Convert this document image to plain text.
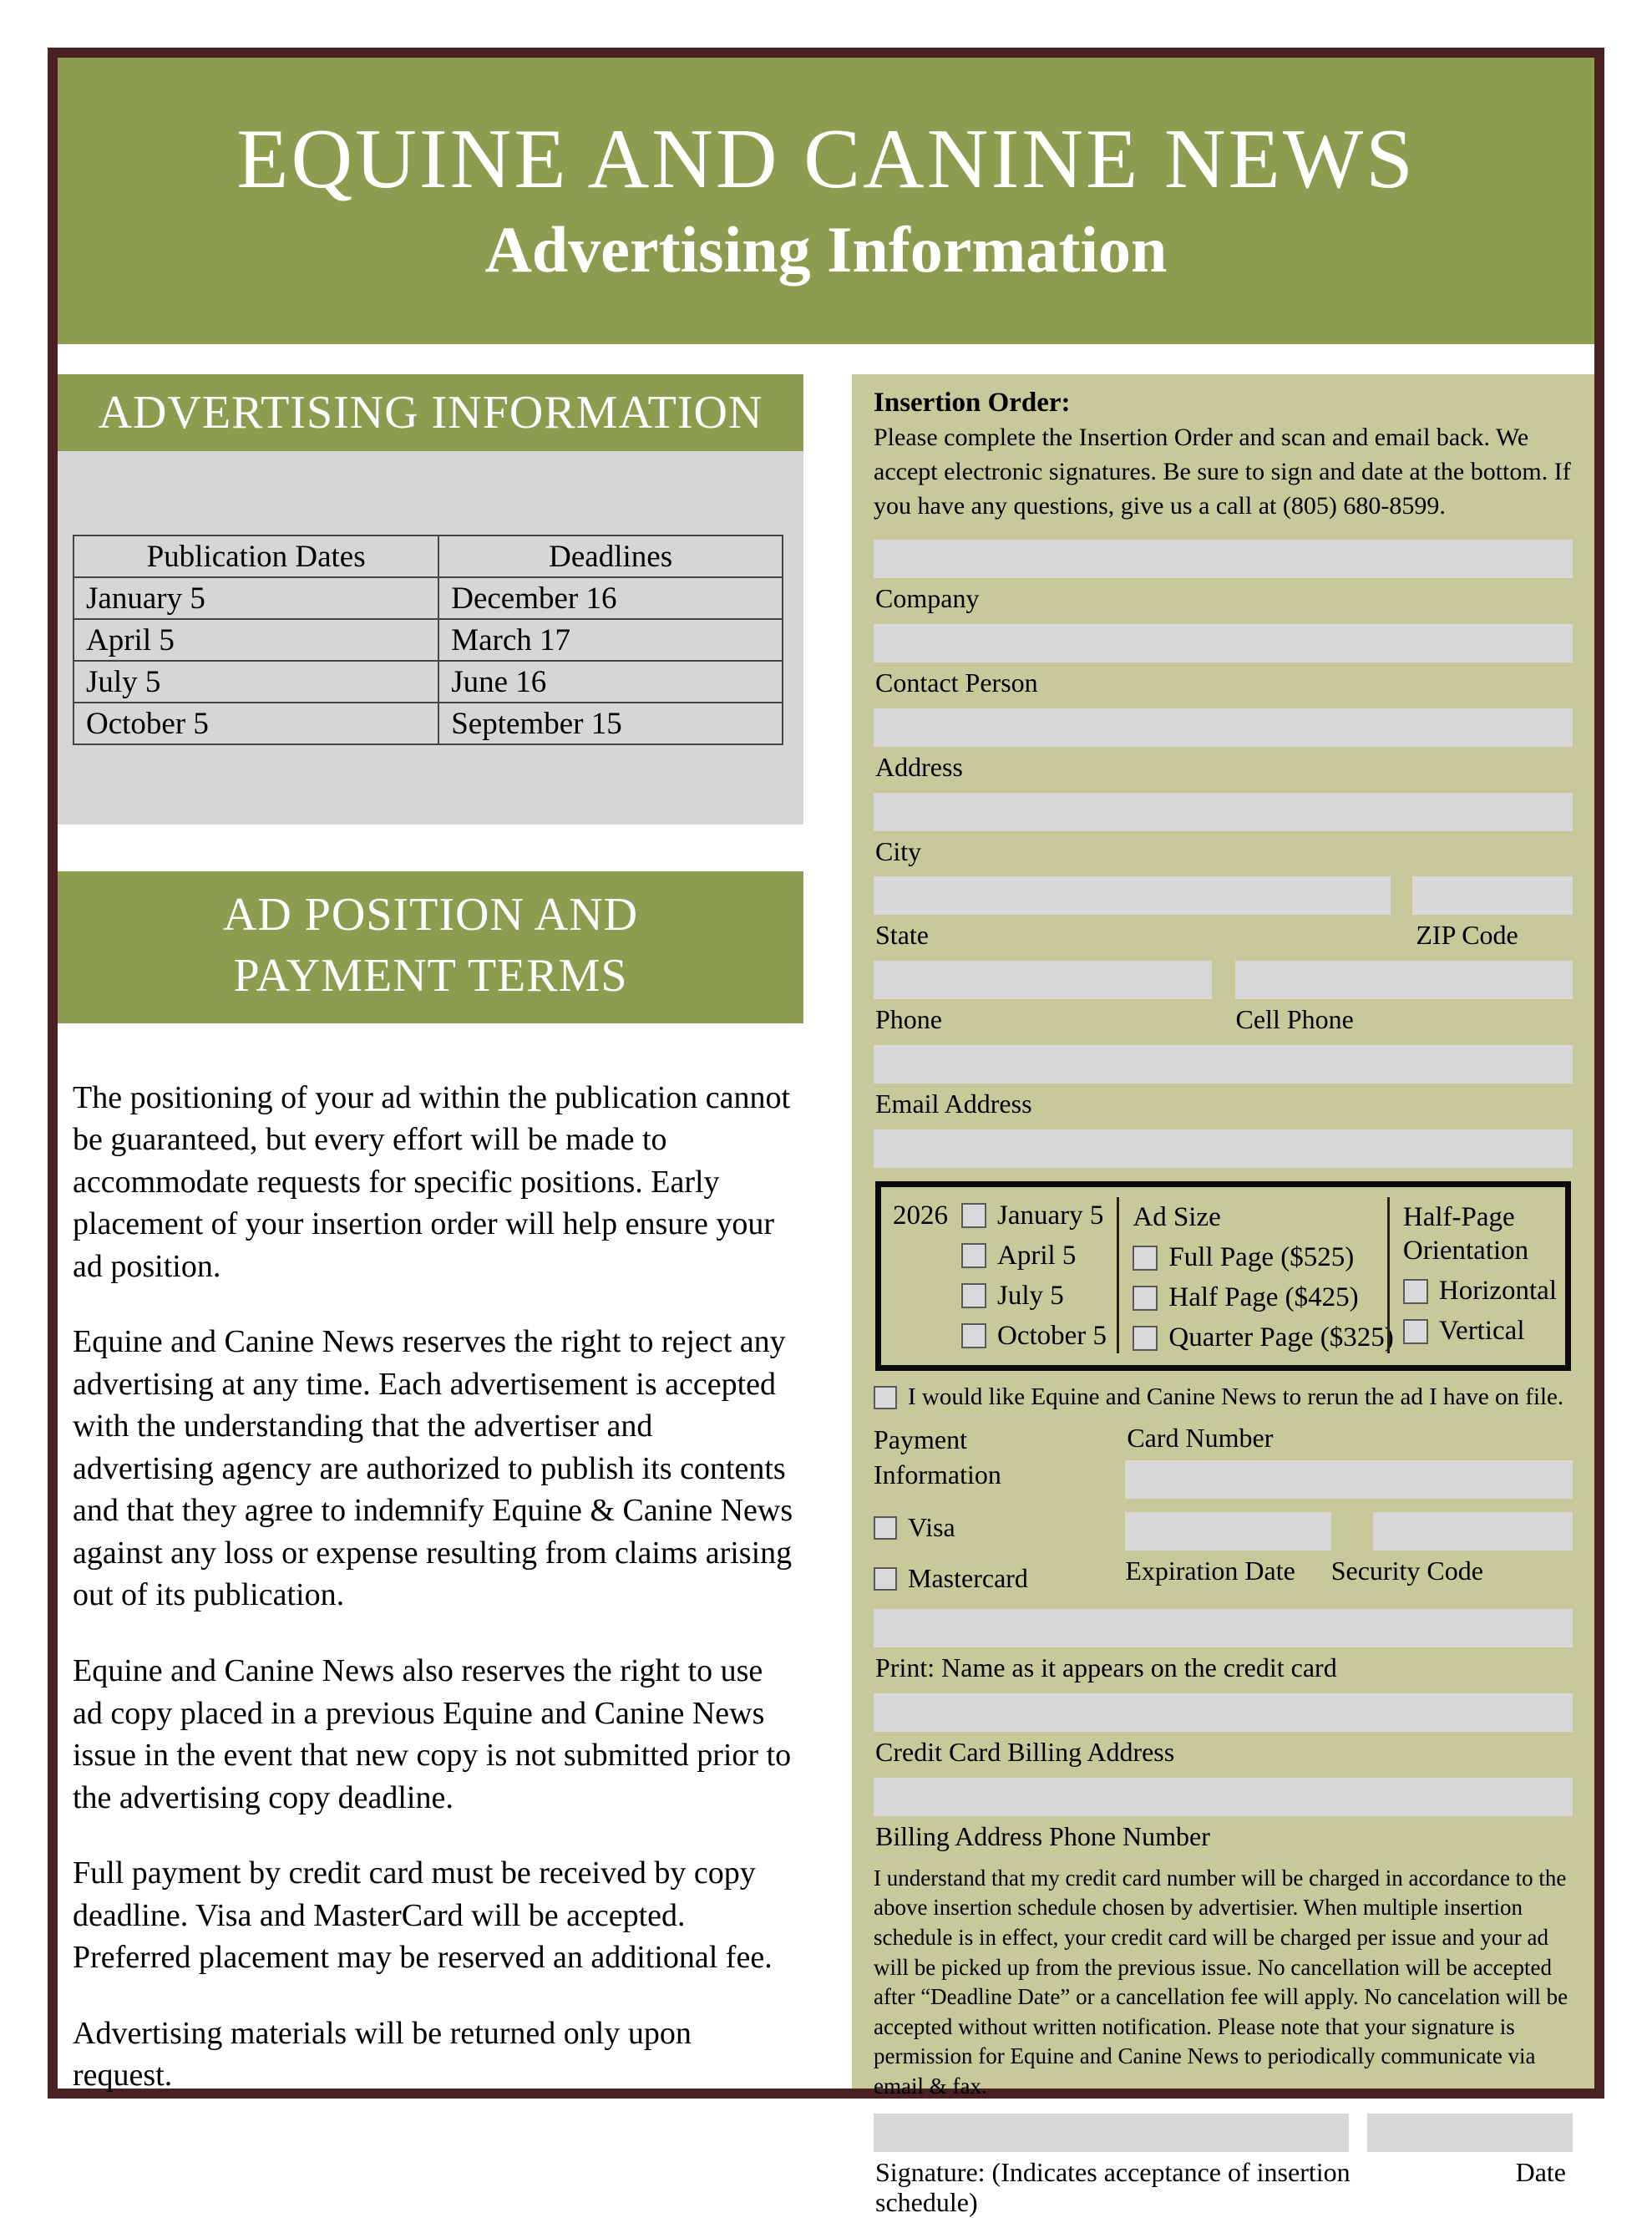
EQUINE AND CANINE NEWS
Advertising Information
ADVERTISING INFORMATION
Publication Dates	Deadlines
January 5	December 16
April 5	March 17
July 5	June 16
October 5	September 15
AD POSITION AND
PAYMENT TERMS

The positioning of your ad within the publication cannot be guaranteed, but every effort will be made to accommodate requests for specific positions. Early placement of your insertion order will help ensure your ad position.

Equine and Canine News reserves the right to reject any advertising at any time. Each advertisement is accepted with the understanding that the advertiser and advertising agency are authorized to publish its contents and that they agree to indemnify Equine & Canine News against any loss or expense resulting from claims arising out of its publication.

Equine and Canine News also reserves the right to use ad copy placed in a previous Equine and Canine News issue in the event that new copy is not submitted prior to the advertising copy deadline.

Full payment by credit card must be received by copy deadline. Visa and MasterCard will be accepted. Preferred placement may be reserved an additional fee.

Advertising materials will be returned only upon request.

Insertion Order:
Please complete the Insertion Order and scan and email back. We accept electronic signatures. Be sure to sign and date at the bottom. If you have any questions, give us a call at (805) 680-8599.
Company
Contact Person
Address
City
State	ZIP Code
Phone	Cell Phone
Email Address
2026 January 5
April 5
July 5
October 5
Ad Size
Full Page ($525)
Half Page ($425)
Quarter Page ($325)
Half-Page Orientation
Horizontal
Vertical
I would like Equine and Canine News to rerun the ad I have on file.
Payment Information
Visa
Mastercard
Card Number
Expiration Date	Security Code
Print: Name as it appears on the credit card
Credit Card Billing Address
Billing Address Phone Number
I understand that my credit card number will be charged in accordance to the above insertion schedule chosen by advertisier. When multiple insertion schedule is in effect, your credit card will be charged per issue and your ad will be picked up from the previous issue. No cancellation will be accepted after “Deadline Date” or a cancellation fee will apply. No cancelation will be accepted without written notification. Please note that your signature is permission for Equine and Canine News to periodically communicate via email & fax.
Signature: (Indicates acceptance of insertion schedule)
Date
